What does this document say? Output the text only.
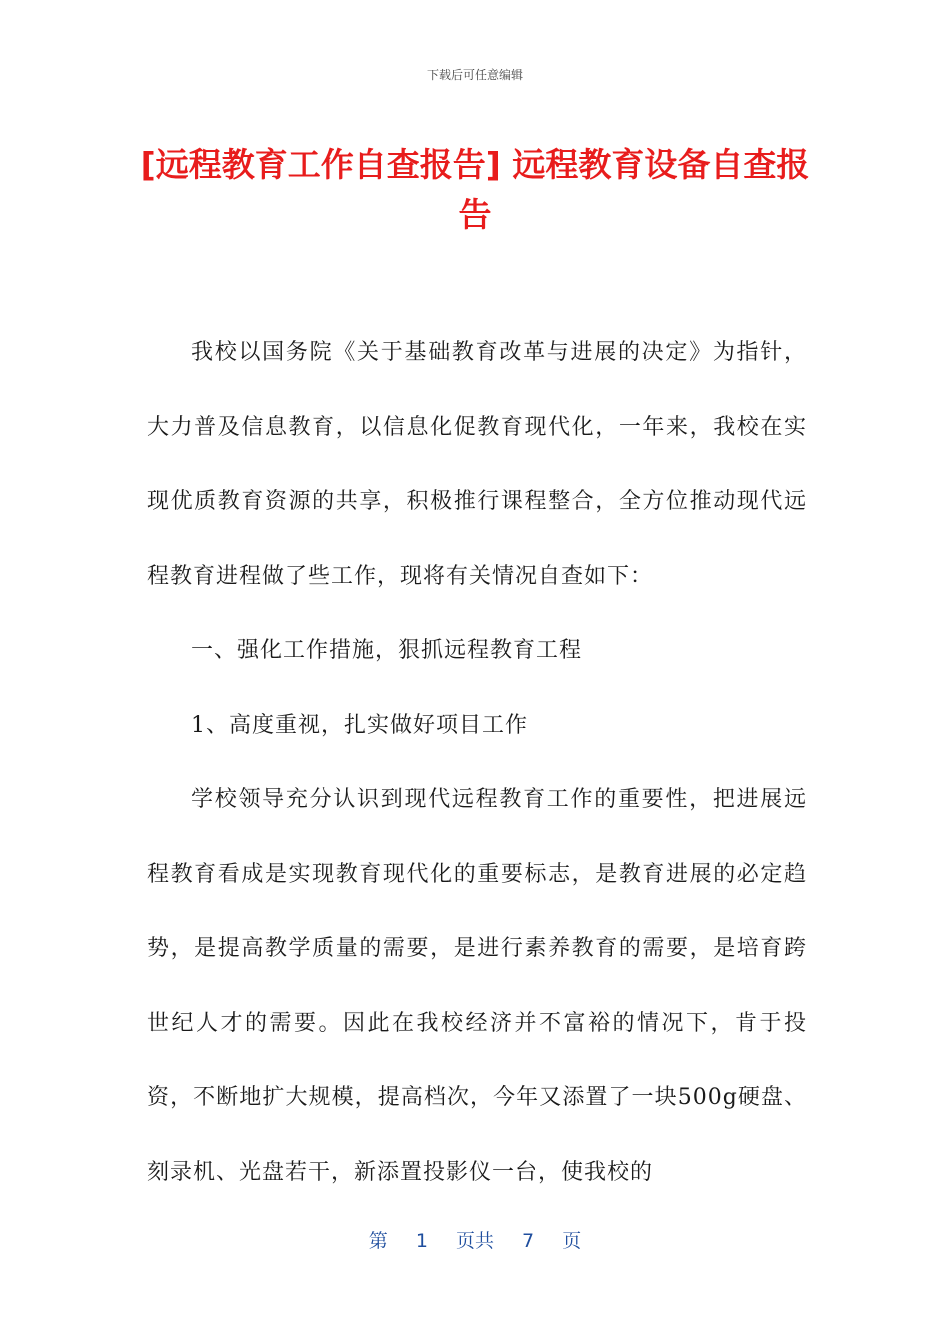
下载后可任意编辑
[远程教育工作自查报告] 远程教育设备自查报告

我校以国务院《关于基础教育改革与进展的决定》为指针，大力普及信息教育，以信息化促教育现代化，一年来，我校在实现优质教育资源的共享，积极推行课程整合，全方位推动现代远程教育进程做了些工作，现将有关情况自查如下：

一、强化工作措施，狠抓远程教育工程

1、高度重视，扎实做好项目工作

学校领导充分认识到现代远程教育工作的重要性，把进展远程教育看成是实现教育现代化的重要标志，是教育进展的必定趋势，是提高教学质量的需要，是进行素养教育的需要，是培育跨世纪人才的需要。因此在我校经济并不富裕的情况下，肯于投资，不断地扩大规模，提高档次，今年又添置了一块500g硬盘、刻录机、光盘若干，新添置投影仪一台，使我校的

第 1 页共 7 页
